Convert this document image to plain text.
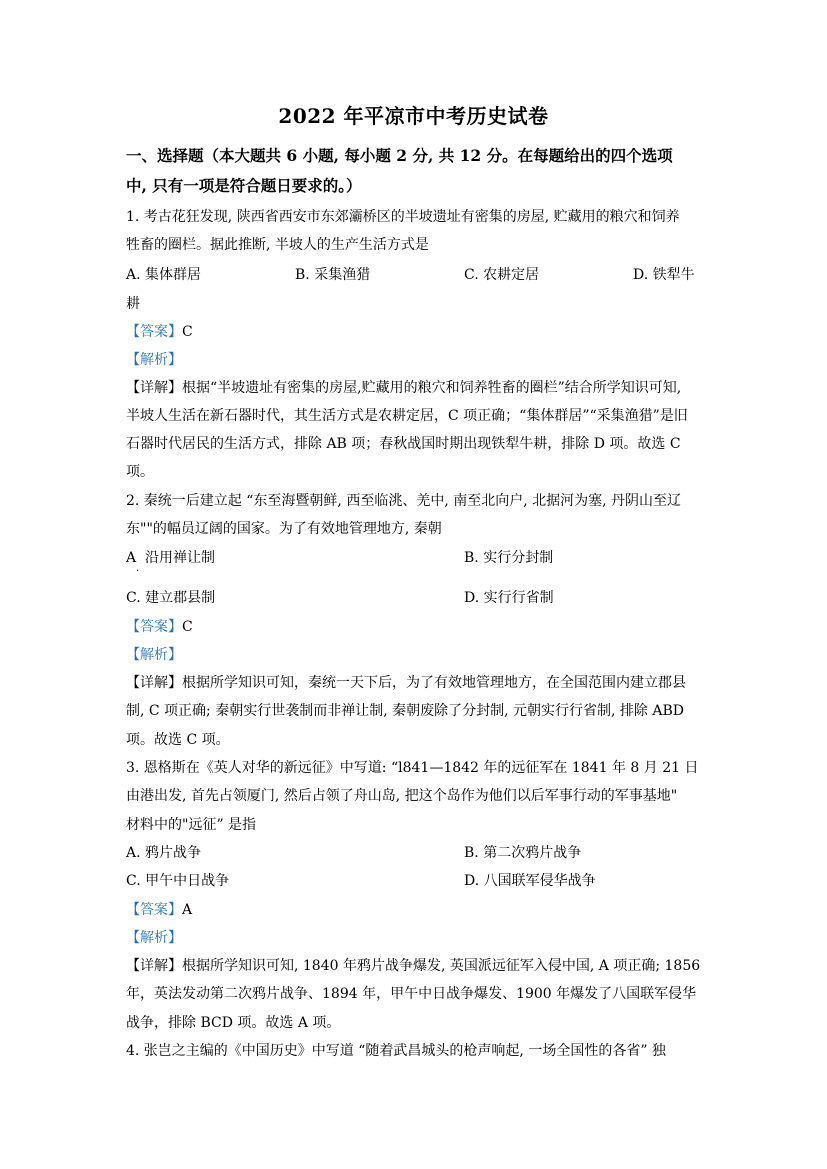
2022 年平凉市中考历史试卷
一、选择题（本大题共 6 小题, 每小题 2 分, 共 12 分。在每题给出的四个选项
中, 只有一项是符合题日要求的。）
1. 考古花狂发现, 陕西省西安市东郊灞桥区的半坡遗址有密集的房屋, 贮藏用的粮穴和饲养
牲畜的圈栏。据此推断, 半坡人的生产生活方式是
A. 集体群居	B. 采集渔猎	C. 农耕定居	D. 铁犁牛
耕
【答案】C
【解析】
【详解】根据“半坡遗址有密集的房屋,贮藏用的粮穴和饲养牲畜的圈栏”结合所学知识可知,
半坡人生活在新石器时代，其生活方式是农耕定居，C 项正确；“集体群居”“采集渔猎”是旧
石器时代居民的生活方式，排除 AB 项；春秋战国时期出现铁犁牛耕，排除 D 项。故选 C
项。
2. 秦统一后建立起 “东至海暨朝鲜, 西至临洮、羌中, 南至北向户, 北据河为塞, 丹阴山至辽
东""的幅员辽阔的国家。为了有效地管理地方, 秦朝
A 沿用禅让制
·
B. 实行分封制
C. 建立郡县制	D. 实行行省制
【答案】C
【解析】
【详解】根据所学知识可知，秦统一天下后，为了有效地管理地方，在全国范围内建立郡县
制, C 项正确; 秦朝实行世袭制而非禅让制, 秦朝废除了分封制, 元朝实行行省制, 排除 ABD
项。故选 C 项。
3. 恩格斯在《英人对华的新远征》中写道: “l841—1842 年的远征军在 1841 年 8 月 21 日
由港出发, 首先占领厦门, 然后占领了舟山岛, 把这个岛作为他们以后军事行动的军事基地"
材料中的"远征” 是指
A. 鸦片战争	B. 第二次鸦片战争
C. 甲午中日战争	D. 八国联军侵华战争
【答案】A
【解析】
【详解】根据所学知识可知, 1840 年鸦片战争爆发, 英国派远征军入侵中国, A 项正确; 1856
年，英法发动第二次鸦片战争、1894 年，甲午中日战争爆发、1900 年爆发了八国联军侵华
战争，排除 BCD 项。故选 A 项。
4. 张岂之主编的《中国历史》中写道 “随着武昌城头的枪声响起, 一场全国性的各省” 独
